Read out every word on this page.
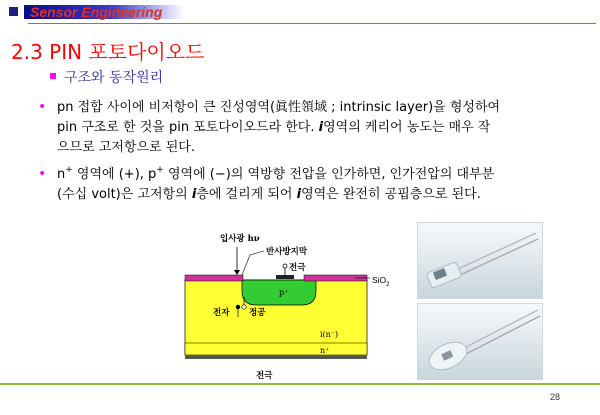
Sensor Engineering
2.3 PIN 포토다이오드
구조와 동작원리
• pn 접합 사이에 비저항이 큰 진성영역(眞性領域 ; intrinsic layer)을 형성하여
pin 구조로 한 것을 pin 포토다이오드라 한다. i영역의 케리어 농도는 매우 작
으므로 고저항으로 된다.
• n+ 영역에 (+), p+ 영역에 (−)의 역방향 전압을 인가하면, 인가전압의 대부분
(수십 volt)은 고저항의 i층에 걸리게 되어 i영역은 완전히 공핍층으로 된다.
입사광 hν
반사방지막
전극
SiO$_2$
p⁺
전자 정공
i(n⁻)
n⁺
전극
28
